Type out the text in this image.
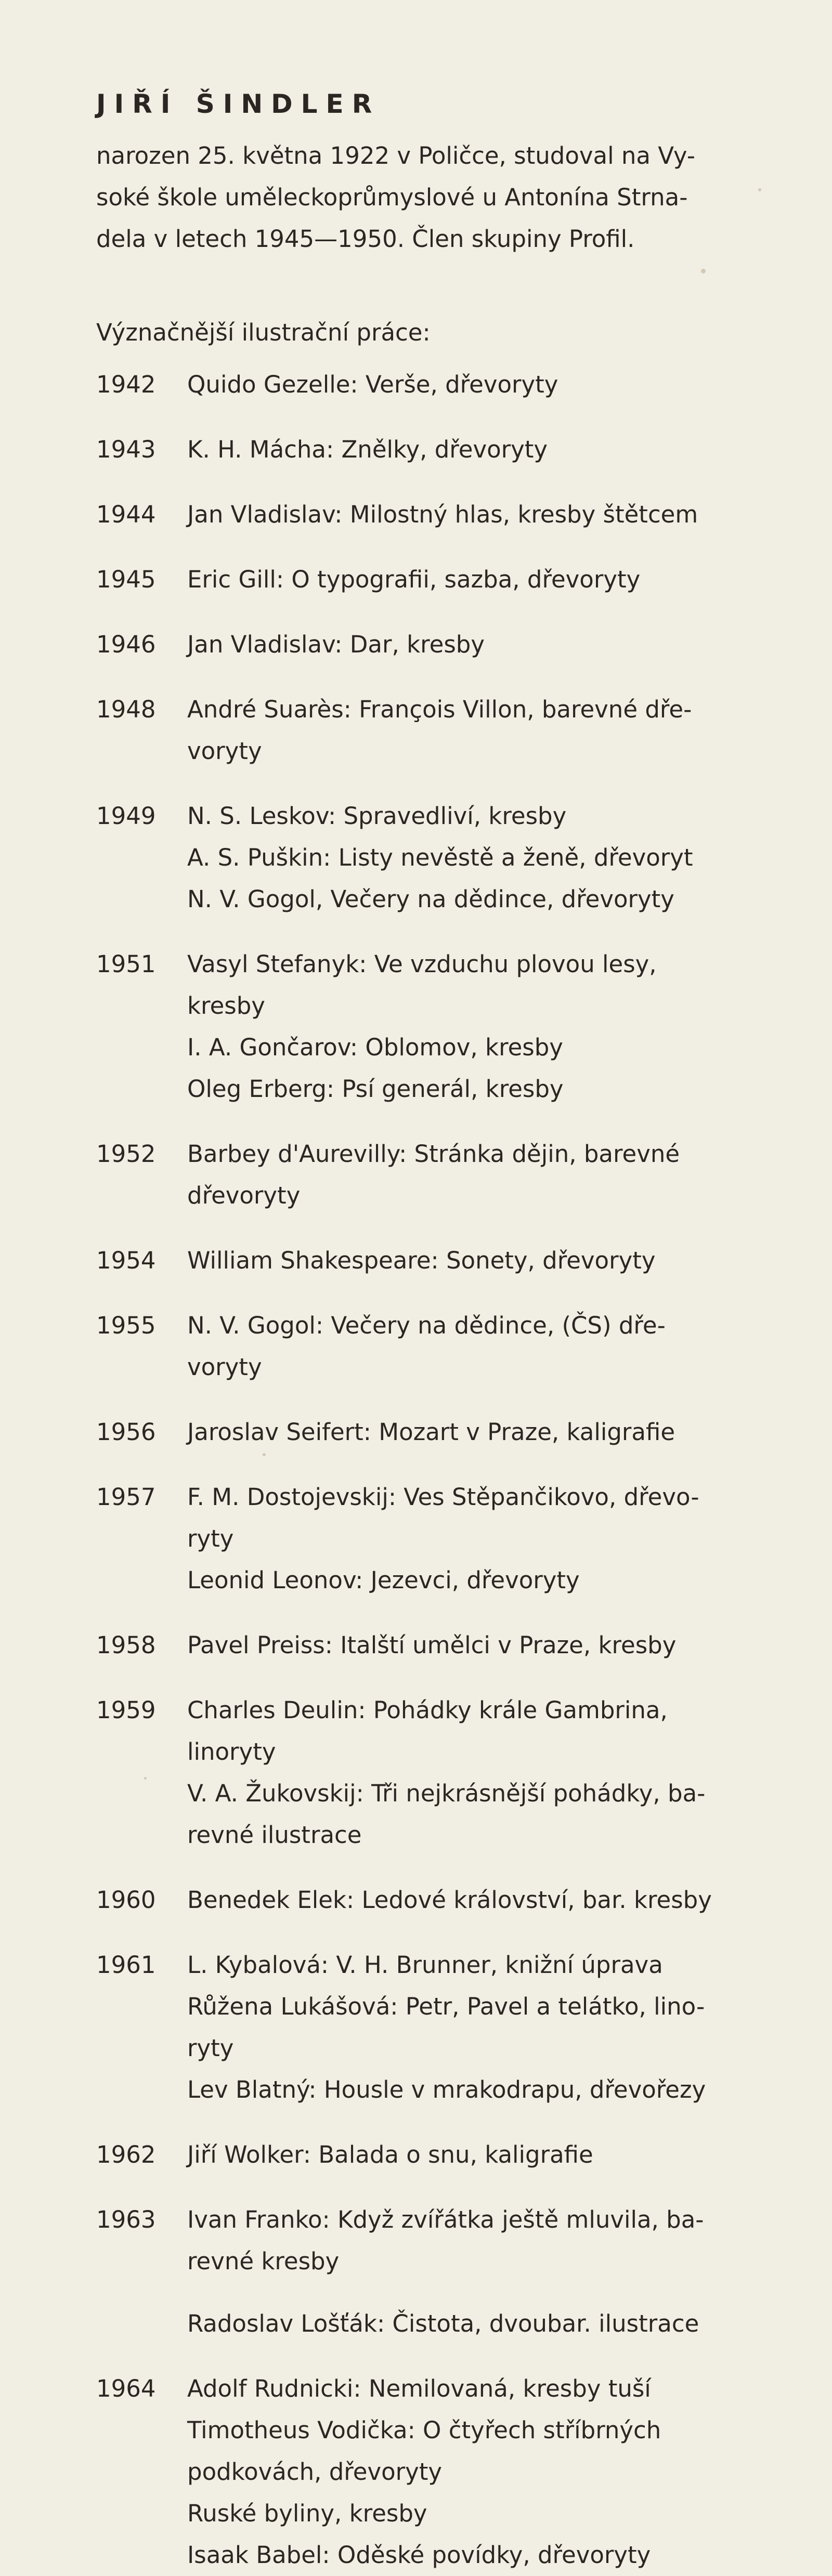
JIŘÍ ŠINDLER
narozen 25. května 1922 v Poličce, studoval na Vy-
soké škole uměleckoprůmyslové u Antonína Strna-
dela v letech 1945—1950. Člen skupiny Profil.
Význačnější ilustrační práce:
1942	Quido Gezelle: Verše, dřevoryty
1943	K. H. Mácha: Znělky, dřevoryty
1944	Jan Vladislav: Milostný hlas, kresby štětcem
1945	Eric Gill: O typografii, sazba, dřevoryty
1946	Jan Vladislav: Dar, kresby
1948	André Suarès: François Villon, barevné dře-
voryty
1949	N. S. Leskov: Spravedliví, kresby
A. S. Puškin: Listy nevěstě a ženě, dřevoryt
N. V. Gogol, Večery na dědince, dřevoryty
1951	Vasyl Stefanyk: Ve vzduchu plovou lesy,
kresby
I. A. Gončarov: Oblomov, kresby
Oleg Erberg: Psí generál, kresby
1952	Barbey d'Aurevilly: Stránka dějin, barevné
dřevoryty
1954	William Shakespeare: Sonety, dřevoryty
1955	N. V. Gogol: Večery na dědince, (ČS) dře-
voryty
1956	Jaroslav Seifert: Mozart v Praze, kaligrafie
1957	F. M. Dostojevskij: Ves Stěpančikovo, dřevo-
ryty
Leonid Leonov: Jezevci, dřevoryty
1958	Pavel Preiss: Italští umělci v Praze, kresby
1959	Charles Deulin: Pohádky krále Gambrina,
linoryty
V. A. Žukovskij: Tři nejkrásnější pohádky, ba-
revné ilustrace
1960	Benedek Elek: Ledové království, bar. kresby
1961	L. Kybalová: V. H. Brunner, knižní úprava
Růžena Lukášová: Petr, Pavel a telátko, lino-
ryty
Lev Blatný: Housle v mrakodrapu, dřevořezy
1962	Jiří Wolker: Balada o snu, kaligrafie
1963	Ivan Franko: Když zvířátka ještě mluvila, ba-
revné kresby
Radoslav Lošťák: Čistota, dvoubar. ilustrace
1964	Adolf Rudnicki: Nemilovaná, kresby tuší
Timotheus Vodička: O čtyřech stříbrných
podkovách, dřevoryty
Ruské byliny, kresby
Isaak Babel: Oděské povídky, dřevoryty
